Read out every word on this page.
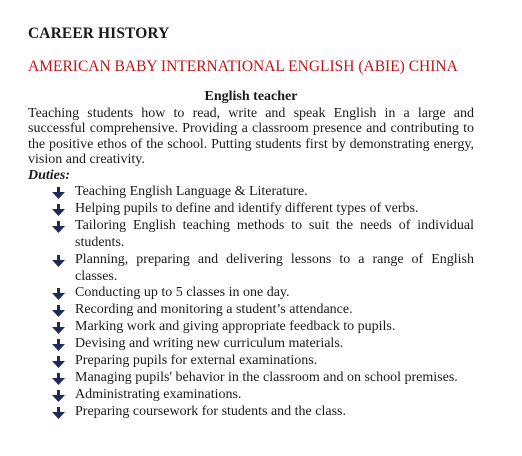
CAREER HISTORY
AMERICAN BABY INTERNATIONAL ENGLISH (ABIE) CHINA
English teacher

Teaching students how to read, write and speak English in a large and successful comprehensive. Providing a classroom presence and contributing to the positive ethos of the school. Putting students first by demonstrating energy, vision and creativity.

Duties:
Teaching English Language & Literature.
Helping pupils to define and identify different types of verbs.
Tailoring English teaching methods to suit the needs of individual students.
Planning, preparing and delivering lessons to a range of English classes.
Conducting up to 5 classes in one day.
Recording and monitoring a student’s attendance.
Marking work and giving appropriate feedback to pupils.
Devising and writing new curriculum materials.
Preparing pupils for external examinations.
Managing pupils' behavior in the classroom and on school premises.
Administrating examinations.
Preparing coursework for students and the class.
